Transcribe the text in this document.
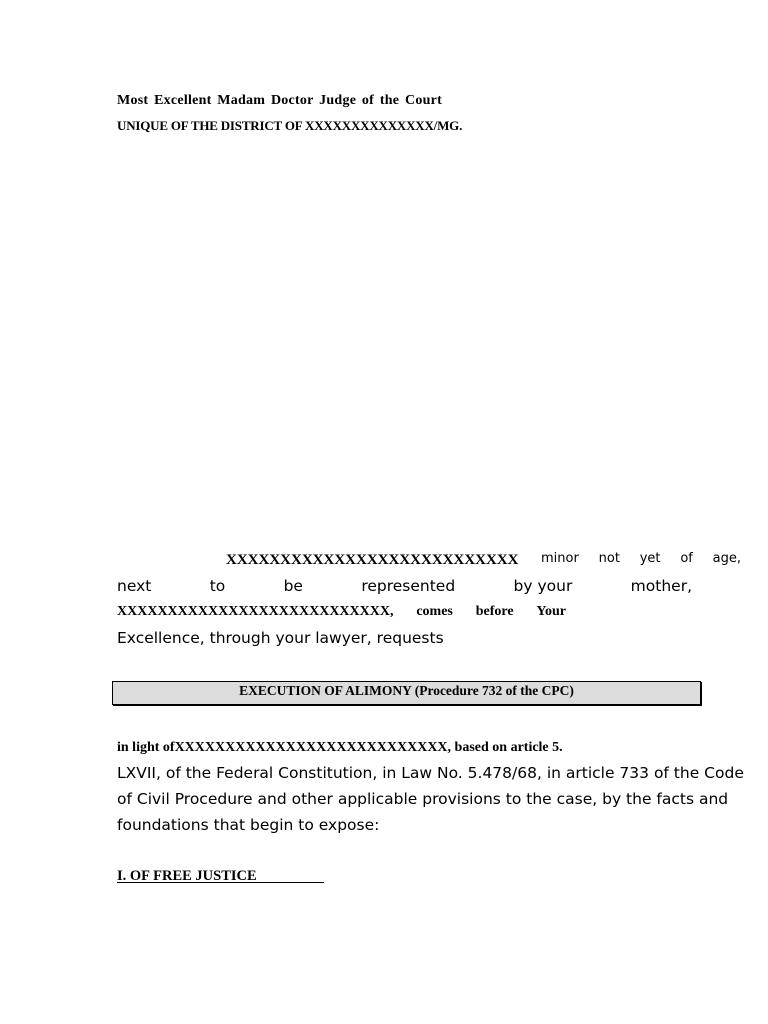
Most Excellent Madam Doctor Judge of the Court
UNIQUE OF THE DISTRICT OF XXXXXXXXXXXXXX/MG.
XXXXXXXXXXXXXXXXXXXXXXXXXXX minor not yet of age,
next	to	be	represented	by your	mother,
XXXXXXXXXXXXXXXXXXXXXXXXXXX, comes before Your
Excellence, through your lawyer, requests
EXECUTION OF ALIMONY (Procedure 732 of the CPC)
in light ofXXXXXXXXXXXXXXXXXXXXXXXXXXX, based on article 5.
LXVII, of the Federal Constitution, in Law No. 5.478/68, in article 733 of the Code
of Civil Procedure and other applicable provisions to the case, by the facts and
foundations that begin to expose:
I. OF FREE JUSTICE
